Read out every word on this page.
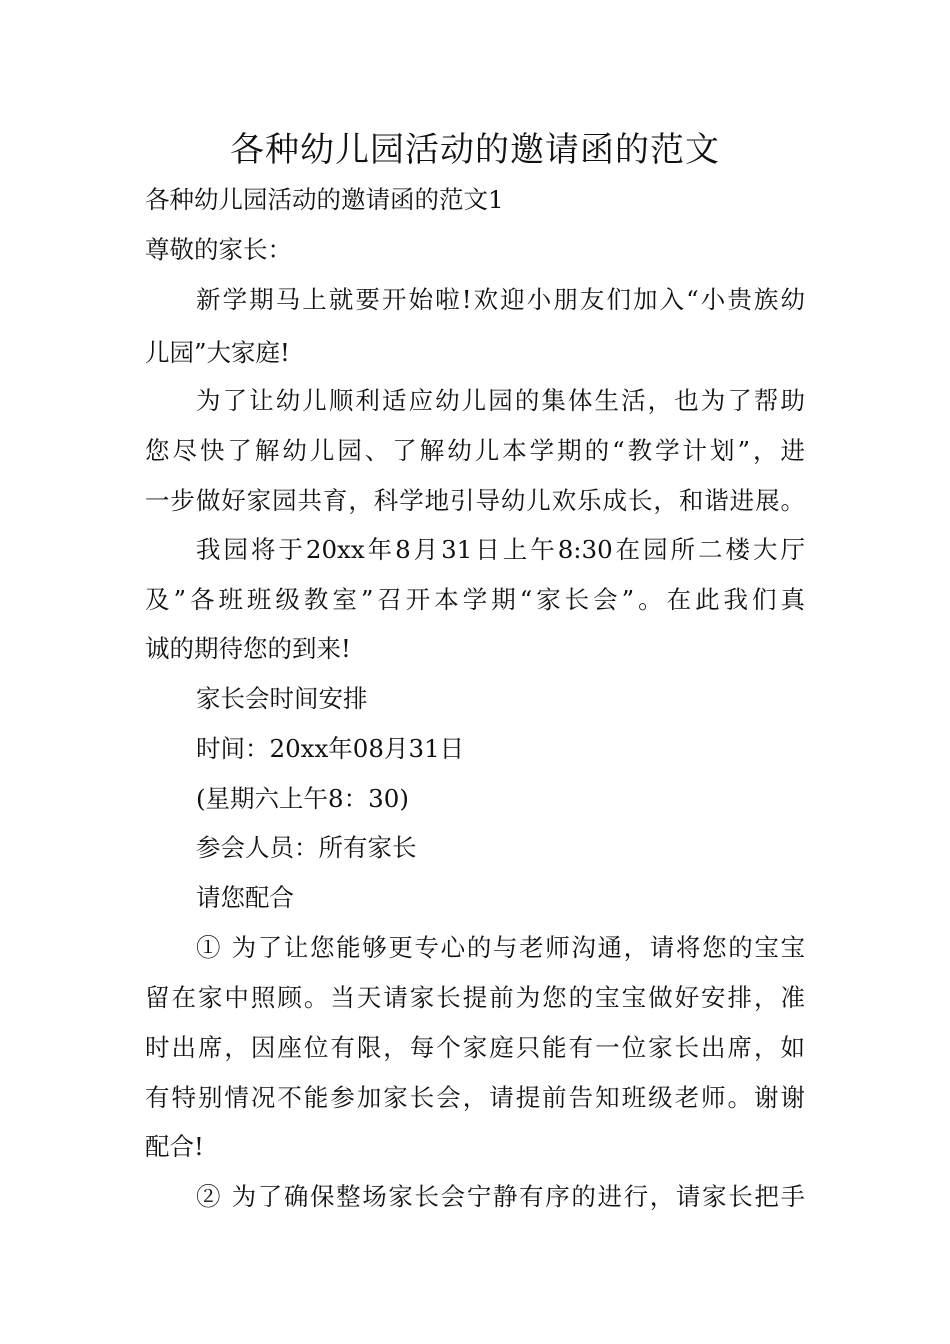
各种幼儿园活动的邀请函的范文
各种幼儿园活动的邀请函的范文1
尊敬的家长：
新学期马上就要开始啦!欢迎小朋友们加入“小贵族幼
儿园”大家庭!
为了让幼儿顺利适应幼儿园的集体生活，也为了帮助
您尽快了解幼儿园、了解幼儿本学期的“教学计划”，进
一步做好家园共育，科学地引导幼儿欢乐成长，和谐进展。
我园将于20xx年8月31日上午8:30在园所二楼大厅
及”各班班级教室”召开本学期“家长会”。在此我们真
诚的期待您的到来!
家长会时间安排
时间：20xx年08月31日
(星期六上午8：30)
参会人员：所有家长
请您配合
① 为了让您能够更专心的与老师沟通，请将您的宝宝
留在家中照顾。当天请家长提前为您的宝宝做好安排，准
时出席，因座位有限，每个家庭只能有一位家长出席，如
有特别情况不能参加家长会，请提前告知班级老师。谢谢
配合!
② 为了确保整场家长会宁静有序的进行，请家长把手
